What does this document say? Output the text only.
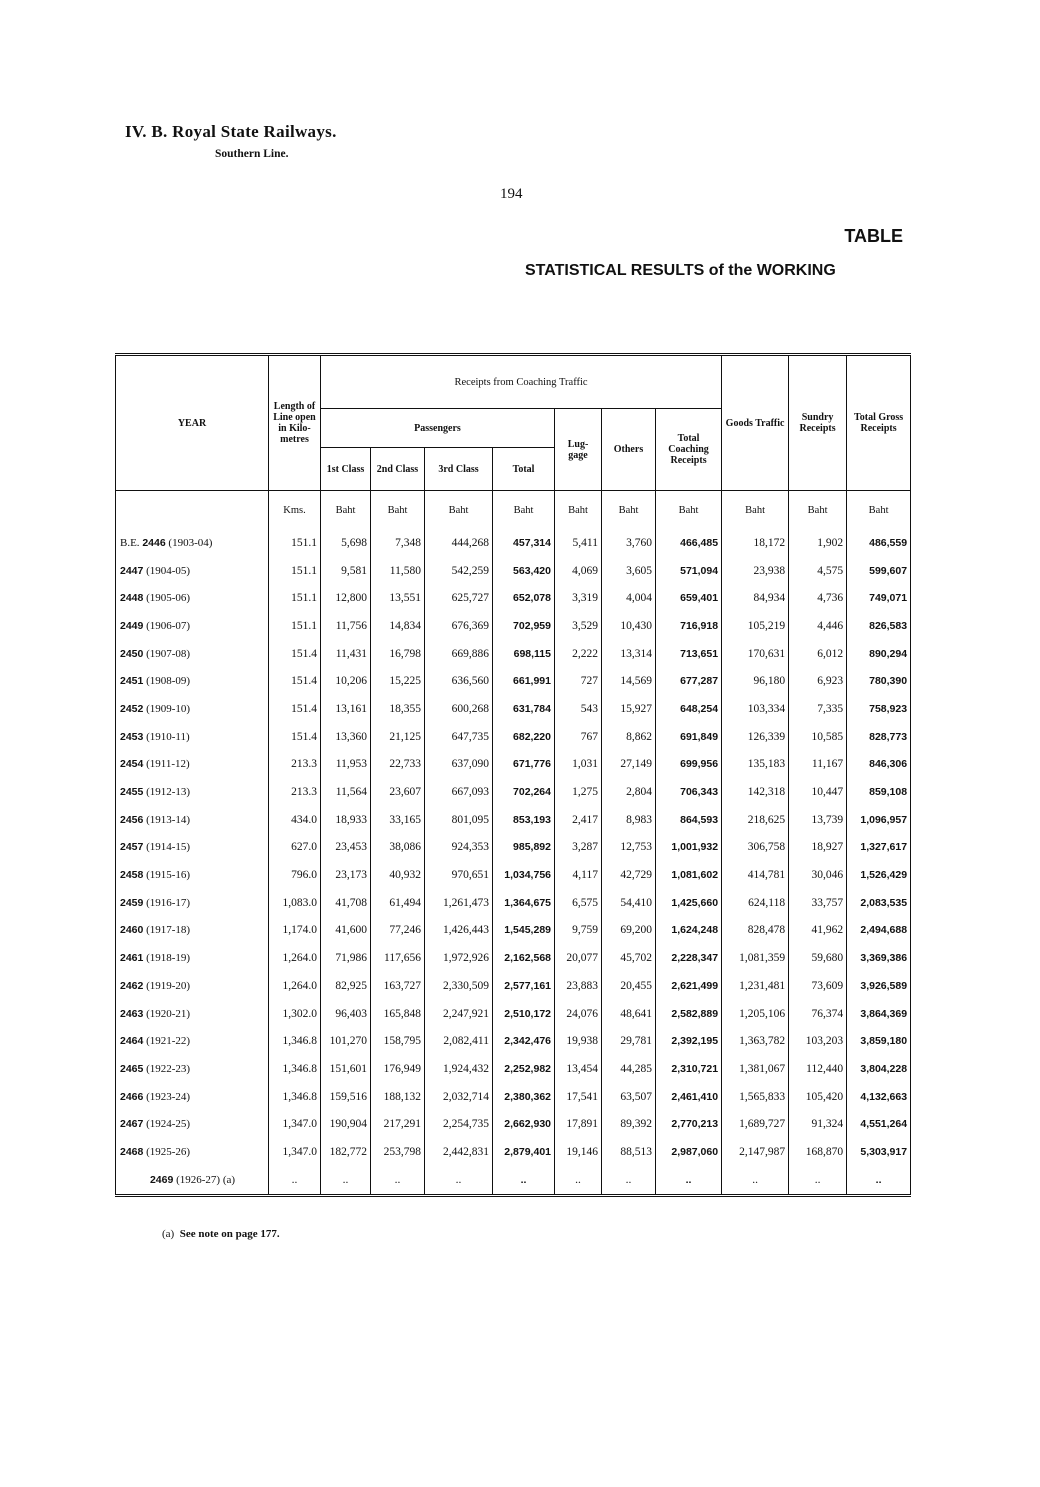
IV. B. Royal State Railways.
Southern Line.
194
TABLE
STATISTICAL RESULTS of the WORKING
YEAR	Length of Line open in Kilo- metres	Receipts from Coaching Traffic							Goods Traffic	Sundry Receipts	Total Gross Receipts
		Passengers				Lug- gage	Others	Total Coaching Receipts			
		1st Class	2nd Class	3rd Class	Total						
	Kms.	Baht	Baht	Baht	Baht	Baht	Baht	Baht	Baht	Baht	Baht
B.E. 2446 (1903-04)	151.1	5,698	7,348	444,268	457,314	5,411	3,760	466,485	18,172	1,902	486,559
2447 (1904-05)	151.1	9,581	11,580	542,259	563,420	4,069	3,605	571,094	23,938	4,575	599,607
2448 (1905-06)	151.1	12,800	13,551	625,727	652,078	3,319	4,004	659,401	84,934	4,736	749,071
2449 (1906-07)	151.1	11,756	14,834	676,369	702,959	3,529	10,430	716,918	105,219	4,446	826,583
2450 (1907-08)	151.4	11,431	16,798	669,886	698,115	2,222	13,314	713,651	170,631	6,012	890,294
2451 (1908-09)	151.4	10,206	15,225	636,560	661,991	727	14,569	677,287	96,180	6,923	780,390
2452 (1909-10)	151.4	13,161	18,355	600,268	631,784	543	15,927	648,254	103,334	7,335	758,923
2453 (1910-11)	151.4	13,360	21,125	647,735	682,220	767	8,862	691,849	126,339	10,585	828,773
2454 (1911-12)	213.3	11,953	22,733	637,090	671,776	1,031	27,149	699,956	135,183	11,167	846,306
2455 (1912-13)	213.3	11,564	23,607	667,093	702,264	1,275	2,804	706,343	142,318	10,447	859,108
2456 (1913-14)	434.0	18,933	33,165	801,095	853,193	2,417	8,983	864,593	218,625	13,739	1,096,957
2457 (1914-15)	627.0	23,453	38,086	924,353	985,892	3,287	12,753	1,001,932	306,758	18,927	1,327,617
2458 (1915-16)	796.0	23,173	40,932	970,651	1,034,756	4,117	42,729	1,081,602	414,781	30,046	1,526,429
2459 (1916-17)	1,083.0	41,708	61,494	1,261,473	1,364,675	6,575	54,410	1,425,660	624,118	33,757	2,083,535
2460 (1917-18)	1,174.0	41,600	77,246	1,426,443	1,545,289	9,759	69,200	1,624,248	828,478	41,962	2,494,688
2461 (1918-19)	1,264.0	71,986	117,656	1,972,926	2,162,568	20,077	45,702	2,228,347	1,081,359	59,680	3,369,386
2462 (1919-20)	1,264.0	82,925	163,727	2,330,509	2,577,161	23,883	20,455	2,621,499	1,231,481	73,609	3,926,589
2463 (1920-21)	1,302.0	96,403	165,848	2,247,921	2,510,172	24,076	48,641	2,582,889	1,205,106	76,374	3,864,369
2464 (1921-22)	1,346.8	101,270	158,795	2,082,411	2,342,476	19,938	29,781	2,392,195	1,363,782	103,203	3,859,180
2465 (1922-23)	1,346.8	151,601	176,949	1,924,432	2,252,982	13,454	44,285	2,310,721	1,381,067	112,440	3,804,228
2466 (1923-24)	1,346.8	159,516	188,132	2,032,714	2,380,362	17,541	63,507	2,461,410	1,565,833	105,420	4,132,663
2467 (1924-25)	1,347.0	190,904	217,291	2,254,735	2,662,930	17,891	89,392	2,770,213	1,689,727	91,324	4,551,264
2468 (1925-26)	1,347.0	182,772	253,798	2,442,831	2,879,401	19,146	88,513	2,987,060	2,147,987	168,870	5,303,917
2469 (1926-27) (a)	..	..	..	..	..	..	..	..	..	..	..
(a) See note on page 177.
